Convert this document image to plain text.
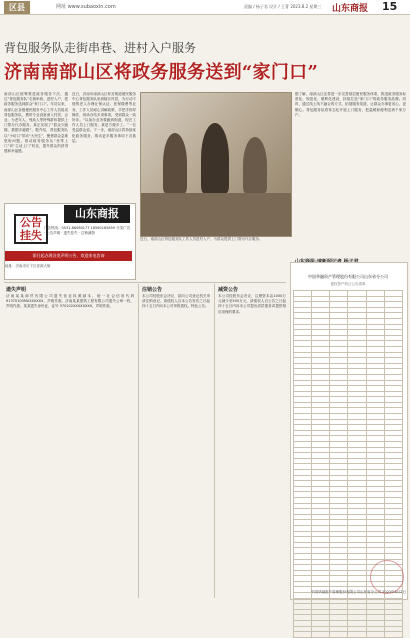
区县	网址 www.subaoxin.com	责编 / 杨子君 设计 / 王菁 2023.8.2 星期三 山东商报 15
背包服务队走街串巷、进村入户服务
济南南部山区将政务服务送到“家门口”
南部山区统筹推进政务服务下沉，通过“背包服务队”走街串巷、进村入户，把政务服务送到群众“家门口”。年初以来，南部山区各级便民服务中心工作人员组成背包服务队，携带专业设备深入村居、企业，为老年人、残疾人等特殊群体提供上门帮办代办服务，真正实现了“群众少跑腿、数据多跑路”。据介绍，背包服务队以“小切口”带动“大民生”，聚焦群众急难愁盼问题，推动政务服务从“坐等上门”向“主动上门”转变，提升群众的获得感和幸福感。
近日，济南市南部山区仲宫街道便民服务中心背包服务队来到辖区村居，为行动不便的老人办理社保认证、医保缴费等业务。工作人员耐心讲解政策，手把手指导操作，现场办结多项事项，受到群众一致好评。“以前办业务要跑到街道，现在工作人员上门服务，真是方便多了。”一位受益群众说。下一步，南部山区将持续优化政务服务，推动更多服务事项下沉基层。
据了解，南部山区还将进一步完善基层便民服务体系，推进政务服务标准化、规范化、便利化建设，持续打造“家门口”的政务服务品牌。同时，通过线上线下融合的方式，拓展服务渠道，让群众办事更省心、更顺心。背包服务队将常态化开展上门服务，把温暖和便利送到千家万户。
近日，南部山区背包服务队工作人员进村入户，为群众提供上门帮办代办服务。
公告 挂失
山东商报
广告热线：0531-86060177 18560165859 分类广告 · 公告声明 · 遗失挂失 · 注销减资
即日起办理各类声明公告，欢迎来电咨询
地址：济南市历下区泺源大街
遗失声明
济南某某商贸有限公司遗失营业执照副本，统一社会信用代码 91370100MA3XXXXX，声明作废。济南某某建筑工程有限公司遗失公章一枚，声明作废。某某遗失身份证，证号 370102XXXXXXXX，声明作废。
注销公告
本公司经股东会决议，拟向公司登记机关申请注销登记，请债权人自本公告发布之日起四十五日内向本公司申报债权。特此公告。
减资公告
本公司经股东会决议，注册资本由1000万元减少至500万元，请债权人自公告之日起四十五日内向本公司提出清偿债务或提供相应担保的要求。
中国华融资产管理股份有限公司山东省分公司
债权资产转让公告清单

中国华融资产管理股份有限公司山东省分公司 2023年8月2日
